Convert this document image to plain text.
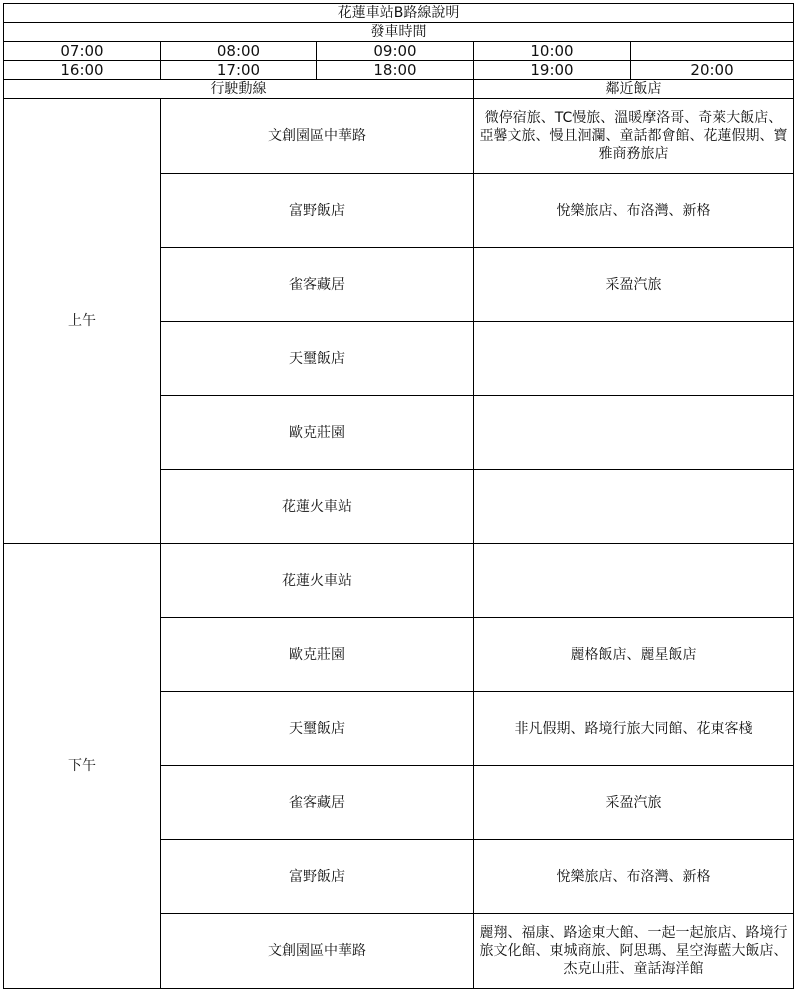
花蓮車站B路線說明				
發車時間				
07:00	08:00	09:00	10:00	
16:00	17:00	18:00	19:00	20:00
行駛動線			鄰近飯店	
上午	文創園區中華路		微停宿旅、TC慢旅、溫暖摩洛哥、奇萊大飯店、亞馨文旅、慢且洄瀾、童話都會館、花蓮假期、寶雅商務旅店	
	富野飯店		悅樂旅店、布洛灣、新格	
	雀客藏居		采盈汽旅	
	天璽飯店			
	歐克莊園			
	花蓮火車站			
下午	花蓮火車站			
	歐克莊園		麗格飯店、麗星飯店	
	天璽飯店		非凡假期、路境行旅大同館、花東客棧	
	雀客藏居		采盈汽旅	
	富野飯店		悅樂旅店、布洛灣、新格	
	文創園區中華路		麗翔、福康、路途東大館、一起一起旅店、路境行旅文化館、東城商旅、阿思瑪、星空海藍大飯店、杰克山莊、童話海洋館	
